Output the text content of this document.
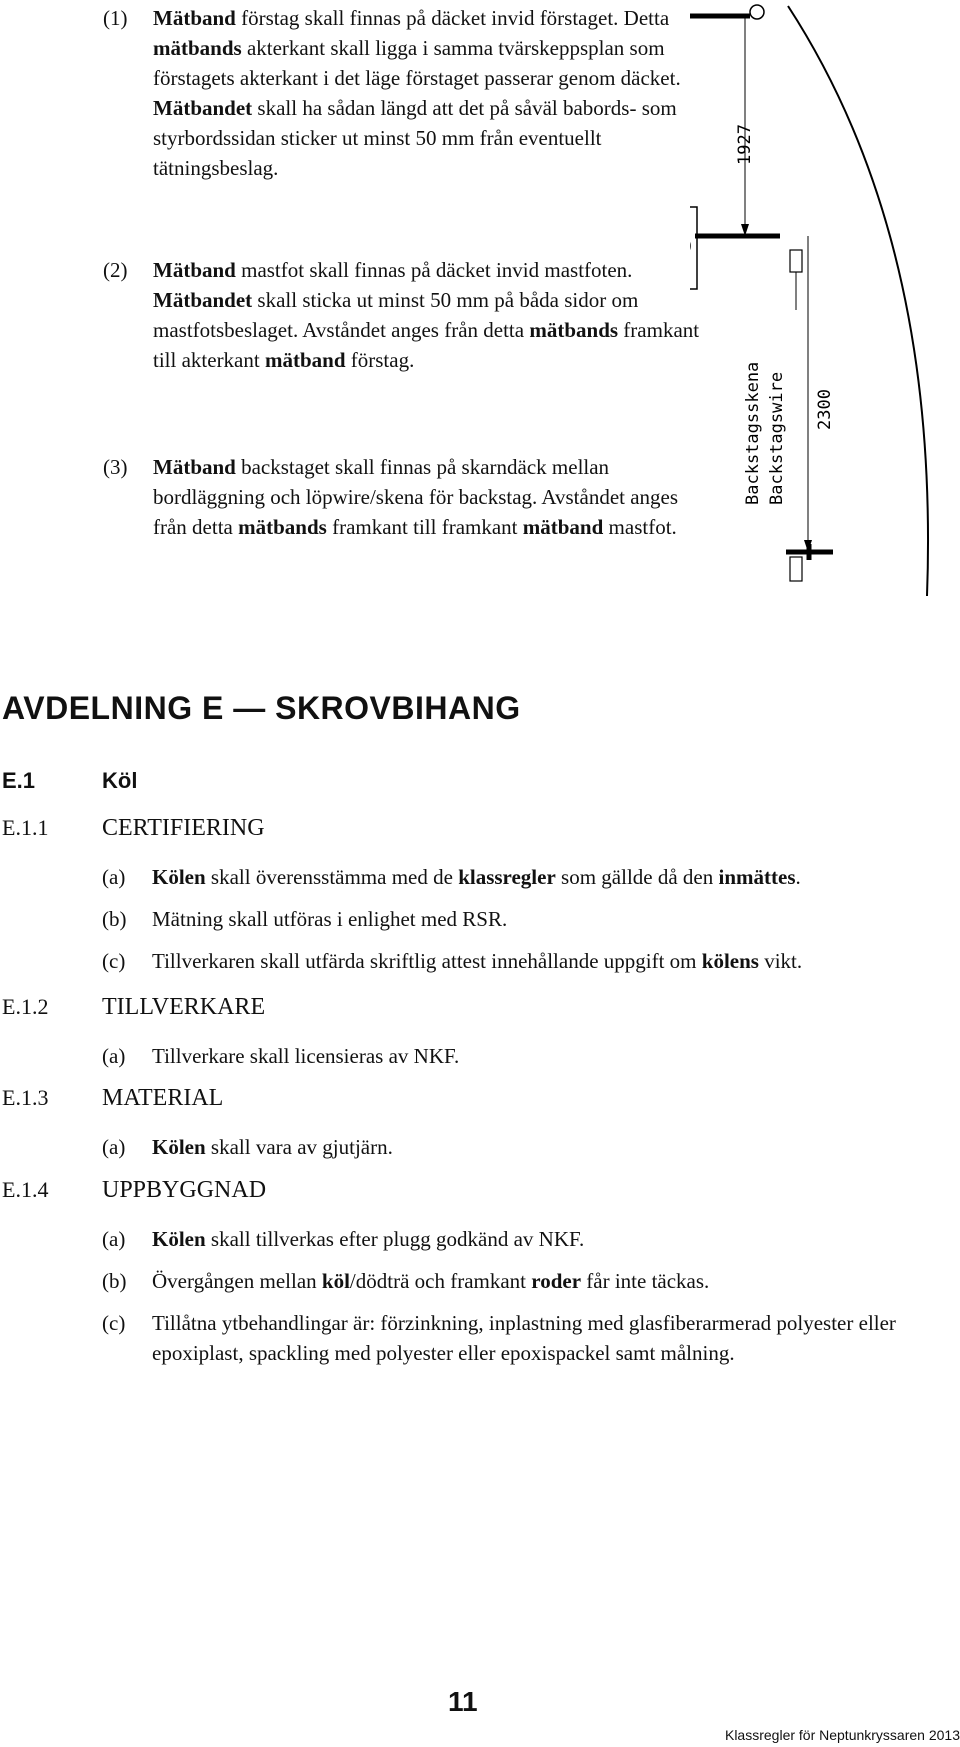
(1) Mätband förstag skall finnas på däcket invid förstaget. Detta mätbands akterkant skall ligga i samma tvärskeppsplan som förstagets akterkant i det läge förstaget passerar genom däcket. Mätbandet skall ha sådan längd att det på såväl babords- som styrbordssidan sticker ut minst 50 mm från eventuellt tätningsbeslag.
(2) Mätband mastfot skall finnas på däcket invid mastfoten. Mätbandet skall sticka ut minst 50 mm på båda sidor om mastfotsbeslaget. Avståndet anges från detta mätbands framkant till akterkant mätband förstag.
(3) Mätband backstaget skall finnas på skarndäck mellan bordläggning och löpwire/skena för backstag. Avståndet anges från detta mätbands framkant till framkant mätband mastfot.
1927
Backstagsskena Backstagswire 2300
AVDELNING E — SKROVBIHANG
E.1	Köl
E.1.1 CERTIFIERING
(a)	Kölen skall överensstämma med de klassregler som gällde då den inmättes.
(b)	Mätning skall utföras i enlighet med RSR.
(c)	Tillverkaren skall utfärda skriftlig attest innehållande uppgift om kölens vikt.
E.1.2 TILLVERKARE
(a)	Tillverkare skall licensieras av NKF.
E.1.3 MATERIAL
(a)	Kölen skall vara av gjutjärn.
E.1.4 UPPBYGGNAD
(a)	Kölen skall tillverkas efter plugg godkänd av NKF.
(b)	Övergången mellan köl/dödträ och framkant roder får inte täckas.
(c)	Tillåtna ytbehandlingar är: förzinkning, inplastning med glasfiberarmerad polyester eller epoxiplast, spackling med polyester eller epoxispackel samt målning.
11
Klassregler för Neptunkryssaren 2013
